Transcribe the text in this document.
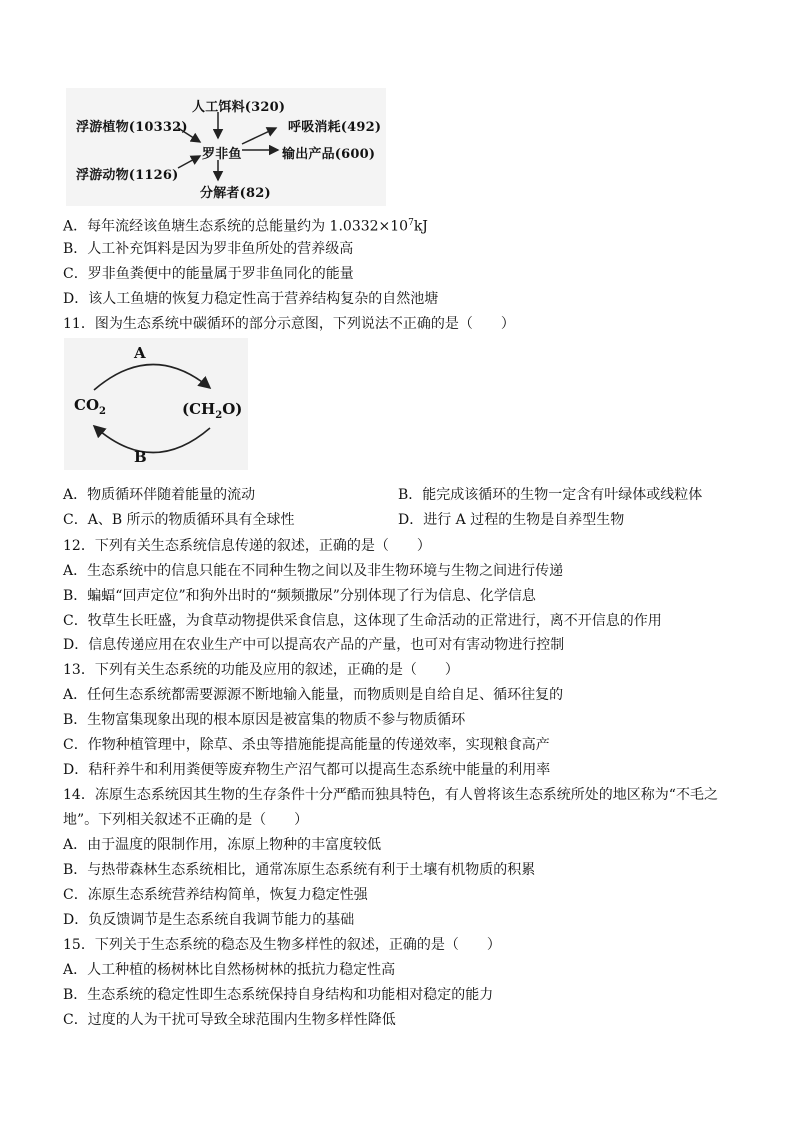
人工饵料(320)
浮游植物(10332)
罗非鱼
呼吸消耗(492)
输出产品(600)
浮游动物(1126)
分解者(82)
A．每年流经该鱼塘生态系统的总能量约为 $1.0332\times 10^7kJ$
B．人工补充饵料是因为罗非鱼所处的营养级高
C．罗非鱼粪便中的能量属于罗非鱼同化的能量
D．该人工鱼塘的恢复力稳定性高于营养结构复杂的自然池塘
11．图为生态系统中碳循环的部分示意图，下列说法不正确的是（　　）
A
B
$CO_2$	$(CH_2O)$
A．物质循环伴随着能量的流动	B．能完成该循环的生物一定含有叶绿体或线粒体
C．A、B 所示的物质循环具有全球性	D．进行 A 过程的生物是自养型生物
12．下列有关生态系统信息传递的叙述，正确的是（　　）
A．生态系统中的信息只能在不同种生物之间以及非生物环境与生物之间进行传递
B．蝙蝠“回声定位”和狗外出时的“频频撒尿”分别体现了行为信息、化学信息
C．牧草生长旺盛，为食草动物提供采食信息，这体现了生命活动的正常进行，离不开信息的作用
D．信息传递应用在农业生产中可以提高农产品的产量，也可对有害动物进行控制
13．下列有关生态系统的功能及应用的叙述，正确的是（　　）
A．任何生态系统都需要源源不断地输入能量，而物质则是自给自足、循环往复的
B．生物富集现象出现的根本原因是被富集的物质不参与物质循环
C．作物种植管理中，除草、杀虫等措施能提高能量的传递效率，实现粮食高产
D．秸秆养牛和利用粪便等废弃物生产沼气都可以提高生态系统中能量的利用率
14．冻原生态系统因其生物的生存条件十分严酷而独具特色，有人曾将该生态系统所处的地区称为“不毛之
地”。下列相关叙述不正确的是（　　）
A．由于温度的限制作用，冻原上物种的丰富度较低
B．与热带森林生态系统相比，通常冻原生态系统有利于土壤有机物质的积累
C．冻原生态系统营养结构简单，恢复力稳定性强
D．负反馈调节是生态系统自我调节能力的基础
15．下列关于生态系统的稳态及生物多样性的叙述，正确的是（　　）
A．人工种植的杨树林比自然杨树林的抵抗力稳定性高
B．生态系统的稳定性即生态系统保持自身结构和功能相对稳定的能力
C．过度的人为干扰可导致全球范围内生物多样性降低
